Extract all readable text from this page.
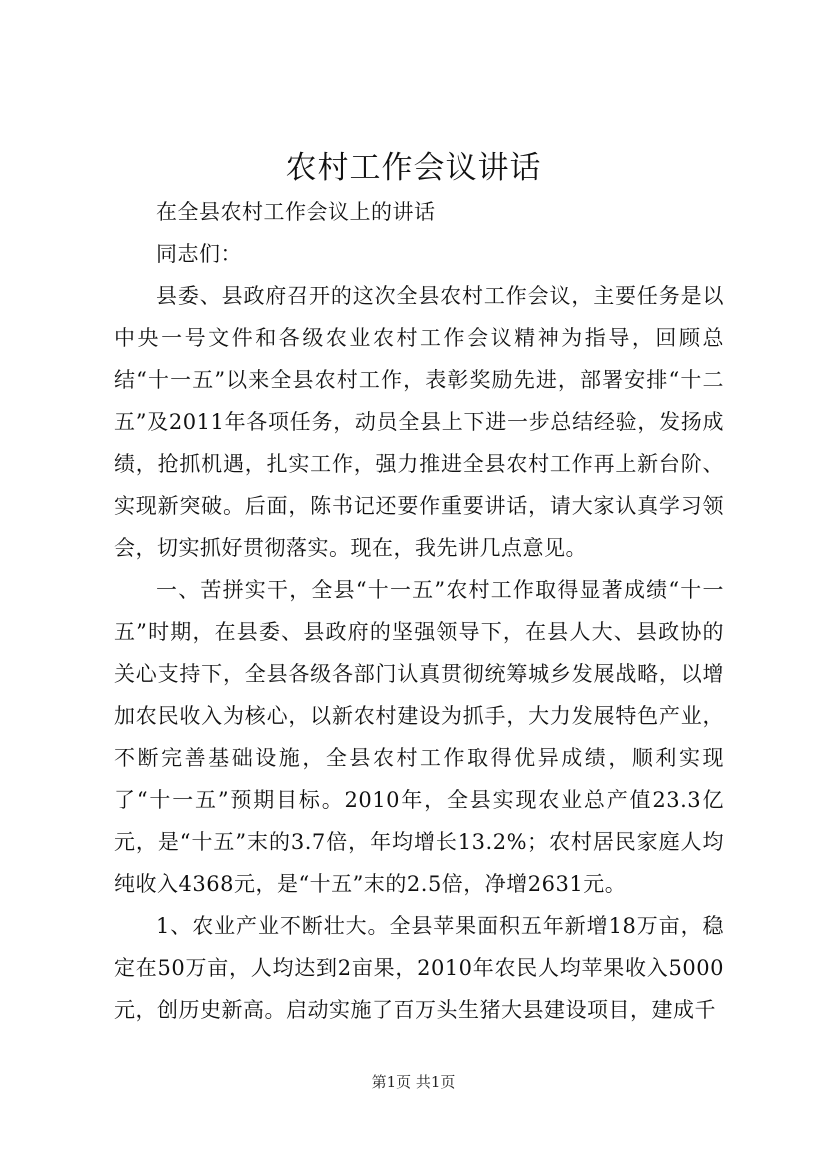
农村工作会议讲话

在全县农村工作会议上的讲话

同志们：

县委、县政府召开的这次全县农村工作会议，主要任务是以中央一号文件和各级农业农村工作会议精神为指导，回顾总结“十一五”以来全县农村工作，表彰奖励先进，部署安排“十二五”及2011年各项任务，动员全县上下进一步总结经验，发扬成绩，抢抓机遇，扎实工作，强力推进全县农村工作再上新台阶、实现新突破。后面，陈书记还要作重要讲话，请大家认真学习领会，切实抓好贯彻落实。现在，我先讲几点意见。

一、苦拼实干，全县“十一五”农村工作取得显著成绩“十一五”时期，在县委、县政府的坚强领导下，在县人大、县政协的关心支持下，全县各级各部门认真贯彻统筹城乡发展战略，以增加农民收入为核心，以新农村建设为抓手，大力发展特色产业，不断完善基础设施，全县农村工作取得优异成绩，顺利实现了“十一五”预期目标。2010年，全县实现农业总产值23.3亿元，是“十五”末的3.7倍，年均增长13.2%；农村居民家庭人均纯收入4368元，是“十五”末的2.5倍，净增2631元。

1、农业产业不断壮大。全县苹果面积五年新增18万亩，稳定在50万亩，人均达到2亩果，2010年农民人均苹果收入5000元，创历史新高。启动实施了百万头生猪大县建设项目，建成千

第1页 共1页
